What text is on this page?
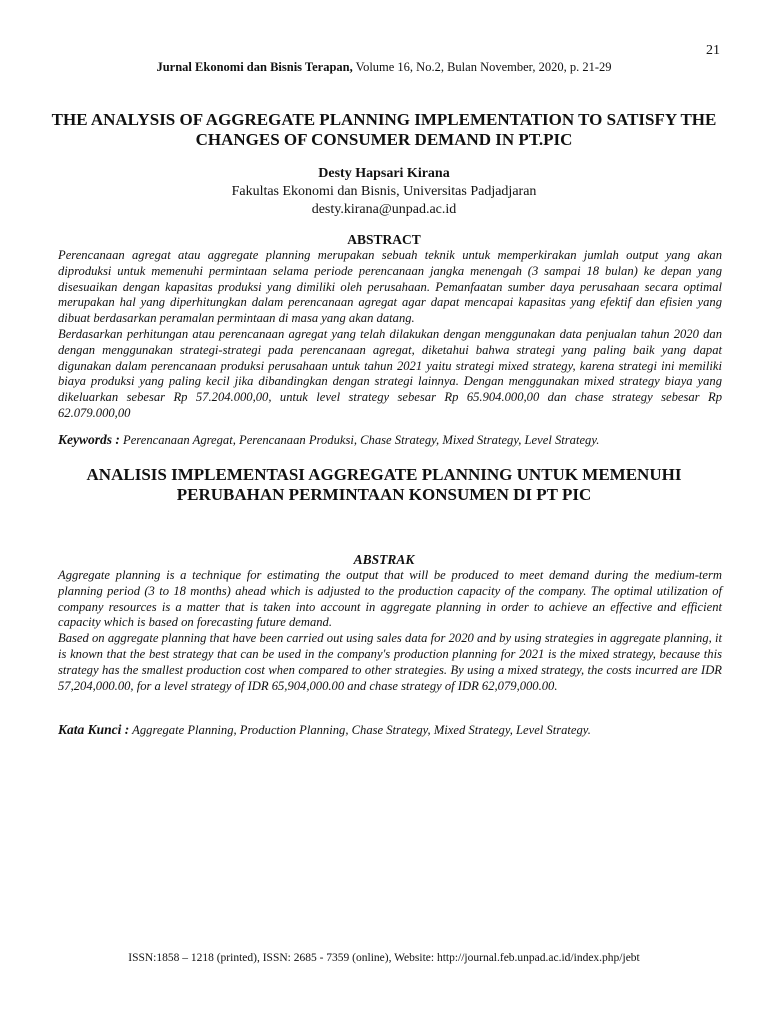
21
Jurnal Ekonomi dan Bisnis Terapan, Volume 16, No.2, Bulan November, 2020, p. 21-29
THE ANALYSIS OF AGGREGATE PLANNING IMPLEMENTATION TO SATISFY THE CHANGES OF CONSUMER DEMAND IN PT.PIC
Desty Hapsari Kirana
Fakultas Ekonomi dan Bisnis, Universitas Padjadjaran
desty.kirana@unpad.ac.id
ABSTRACT

Perencanaan agregat atau aggregate planning merupakan sebuah teknik untuk memperkirakan jumlah output yang akan diproduksi untuk memenuhi permintaan selama periode perencanaan jangka menengah (3 sampai 18 bulan) ke depan yang disesuaikan dengan kapasitas produksi yang dimiliki oleh perusahaan. Pemanfaatan sumber daya perusahaan secara optimal merupakan hal yang diperhitungkan dalam perencanaan agregat agar dapat mencapai kapasitas yang efektif dan efisien yang dibuat berdasarkan peramalan permintaan di masa yang akan datang.

Berdasarkan perhitungan atau perencanaan agregat yang telah dilakukan dengan menggunakan data penjualan tahun 2020 dan dengan menggunakan strategi-strategi pada perencanaan agregat, diketahui bahwa strategi yang paling baik yang dapat digunakan dalam perencanaan produksi perusahaan untuk tahun 2021 yaitu strategi mixed strategy, karena strategi ini memiliki biaya produksi yang paling kecil jika dibandingkan dengan strategi lainnya. Dengan menggunakan mixed strategy biaya yang dikeluarkan sebesar Rp 57.204.000,00, untuk level strategy sebesar Rp 65.904.000,00 dan chase strategy sebesar Rp 62.079.000,00

Keywords : Perencanaan Agregat, Perencanaan Produksi, Chase Strategy, Mixed Strategy, Level Strategy.
ANALISIS IMPLEMENTASI AGGREGATE PLANNING UNTUK MEMENUHI PERUBAHAN PERMINTAAN KONSUMEN DI PT PIC
ABSTRAK

Aggregate planning is a technique for estimating the output that will be produced to meet demand during the medium-term planning period (3 to 18 months) ahead which is adjusted to the production capacity of the company. The optimal utilization of company resources is a matter that is taken into account in aggregate planning in order to achieve an effective and efficient capacity which is based on forecasting future demand.

Based on aggregate planning that have been carried out using sales data for 2020 and by using strategies in aggregate planning, it is known that the best strategy that can be used in the company's production planning for 2021 is the mixed strategy, because this strategy has the smallest production cost when compared to other strategies. By using a mixed strategy, the costs incurred are IDR 57,204,000.00, for a level strategy of IDR 65,904,000.00 and chase strategy of IDR 62,079,000.00.

Kata Kunci : Aggregate Planning, Production Planning, Chase Strategy, Mixed Strategy, Level Strategy.
ISSN:1858 – 1218 (printed), ISSN: 2685 - 7359 (online), Website: http://journal.feb.unpad.ac.id/index.php/jebt
